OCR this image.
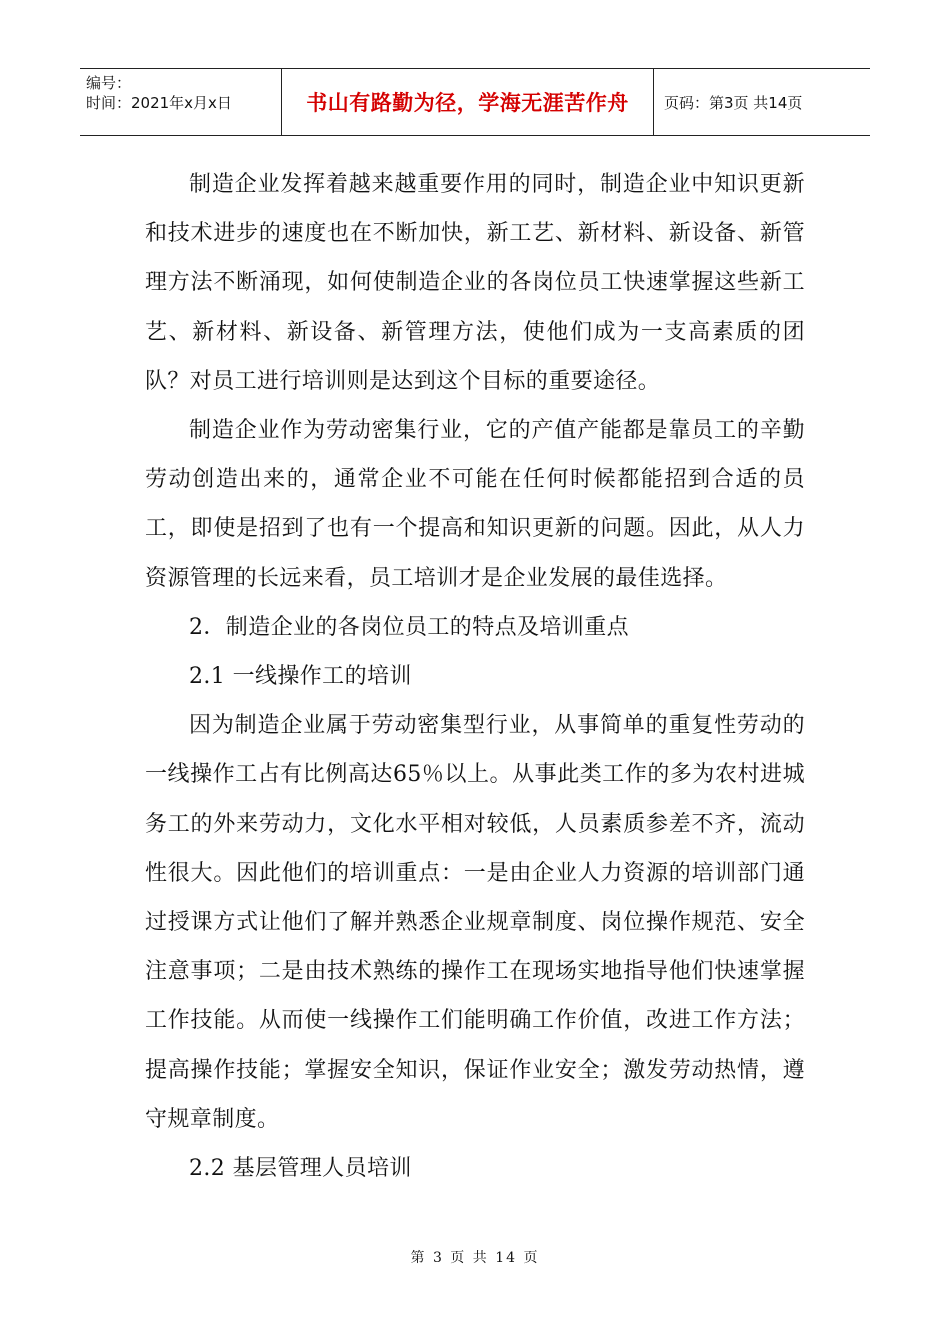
编号：
时间：2021年x月x日	书山有路勤为径，学海无涯苦作舟 页码：第3页 共14页

制造企业发挥着越来越重要作用的同时，制造企业中知识更新和技术进步的速度也在不断加快，新工艺、新材料、新设备、新管理方法不断涌现，如何使制造企业的各岗位员工快速掌握这些新工艺、新材料、新设备、新管理方法，使他们成为一支高素质的团队？对员工进行培训则是达到这个目标的重要途径。

制造企业作为劳动密集行业，它的产值产能都是靠员工的辛勤劳动创造出来的，通常企业不可能在任何时候都能招到合适的员工，即使是招到了也有一个提高和知识更新的问题。因此，从人力资源管理的长远来看，员工培训才是企业发展的最佳选择。

2．制造企业的各岗位员工的特点及培训重点

2.1 一线操作工的培训

因为制造企业属于劳动密集型行业，从事简单的重复性劳动的一线操作工占有比例高达65％以上。从事此类工作的多为农村进城务工的外来劳动力，文化水平相对较低，人员素质参差不齐，流动性很大。因此他们的培训重点：一是由企业人力资源的培训部门通过授课方式让他们了解并熟悉企业规章制度、岗位操作规范、安全注意事项；二是由技术熟练的操作工在现场实地指导他们快速掌握工作技能。从而使一线操作工们能明确工作价值，改进工作方法；提高操作技能；掌握安全知识，保证作业安全；激发劳动热情，遵守规章制度。

2.2 基层管理人员培训

第 3 页 共 14 页
